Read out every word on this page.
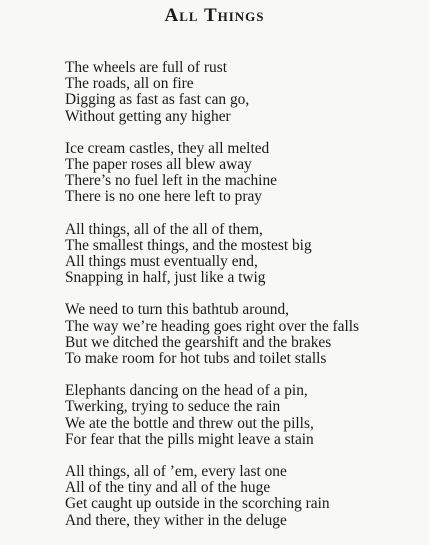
All Things
The wheels are full of rust
The roads, all on fire
Digging as fast as fast can go,
Without getting any higher
Ice cream castles, they all melted
The paper roses all blew away
There’s no fuel left in the machine
There is no one here left to pray
All things, all of the all of them,
The smallest things, and the mostest big
All things must eventually end,
Snapping in half, just like a twig
We need to turn this bathtub around,
The way we’re heading goes right over the falls
But we ditched the gearshift and the brakes
To make room for hot tubs and toilet stalls
Elephants dancing on the head of a pin,
Twerking, trying to seduce the rain
We ate the bottle and threw out the pills,
For fear that the pills might leave a stain
All things, all of ’em, every last one
All of the tiny and all of the huge
Get caught up outside in the scorching rain
And there, they wither in the deluge
